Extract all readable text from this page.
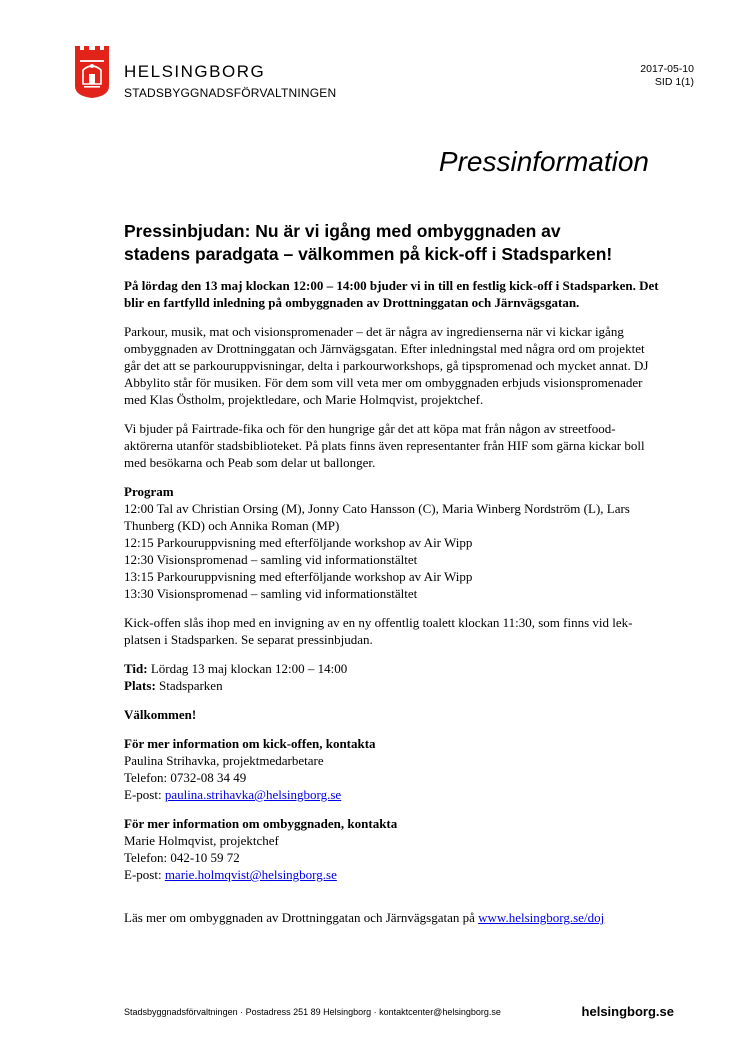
HELSINGBORG
STADSBYGGNADSFÖRVALTNINGEN
2017-05-10
SID 1(1)
Pressinformation
Pressinbjudan: Nu är vi igång med ombyggnaden av
stadens paradgata – välkommen på kick-off i Stadsparken!

På lördag den 13 maj klockan 12:00 – 14:00 bjuder vi in till en festlig kick-off i Stadsparken. Det blir en fartfylld inledning på ombyggnaden av Drottninggatan och Järnvägsgatan.

Parkour, musik, mat och visionspromenader – det är några av ingredienserna när vi kickar igång ombyggnaden av Drottninggatan och Järnvägsgatan. Efter inledningstal med några ord om projektet går det att se parkouruppvisningar, delta i parkourworkshops, gå tipspromenad och mycket annat. DJ Abbylito står för musiken. För dem som vill veta mer om ombyggnaden erbjuds visionspromenader med Klas Östholm, projektledare, och Marie Holmqvist, projektchef.

Vi bjuder på Fairtrade-fika och för den hungrige går det att köpa mat från någon av streetfood-aktörerna utanför stadsbiblioteket. På plats finns även representanter från HIF som gärna kickar boll med besökarna och Peab som delar ut ballonger.

Program
12:00 Tal av Christian Orsing (M), Jonny Cato Hansson (C), Maria Winberg Nordström (L), Lars Thunberg (KD) och Annika Roman (MP)
12:15 Parkouruppvisning med efterföljande workshop av Air Wipp
12:30 Visionspromenad – samling vid informationstältet
13:15 Parkouruppvisning med efterföljande workshop av Air Wipp
13:30 Visionspromenad – samling vid informationstältet

Kick-offen slås ihop med en invigning av en ny offentlig toalett klockan 11:30, som finns vid lek-platsen i Stadsparken. Se separat pressinbjudan.

Tid: Lördag 13 maj klockan 12:00 – 14:00
Plats: Stadsparken

Välkommen!

För mer information om kick-offen, kontakta
Paulina Strihavka, projektmedarbetare
Telefon: 0732-08 34 49
E-post: paulina.strihavka@helsingborg.se
För mer information om ombyggnaden, kontakta
Marie Holmqvist, projektchef
Telefon: 042-10 59 72
E-post: marie.holmqvist@helsingborg.se

Läs mer om ombyggnaden av Drottninggatan och Järnvägsgatan på www.helsingborg.se/doj

Stadsbyggnadsförvaltningen · Postadress 251 89 Helsingborg · kontaktcenter@helsingborg.se	helsingborg.se
